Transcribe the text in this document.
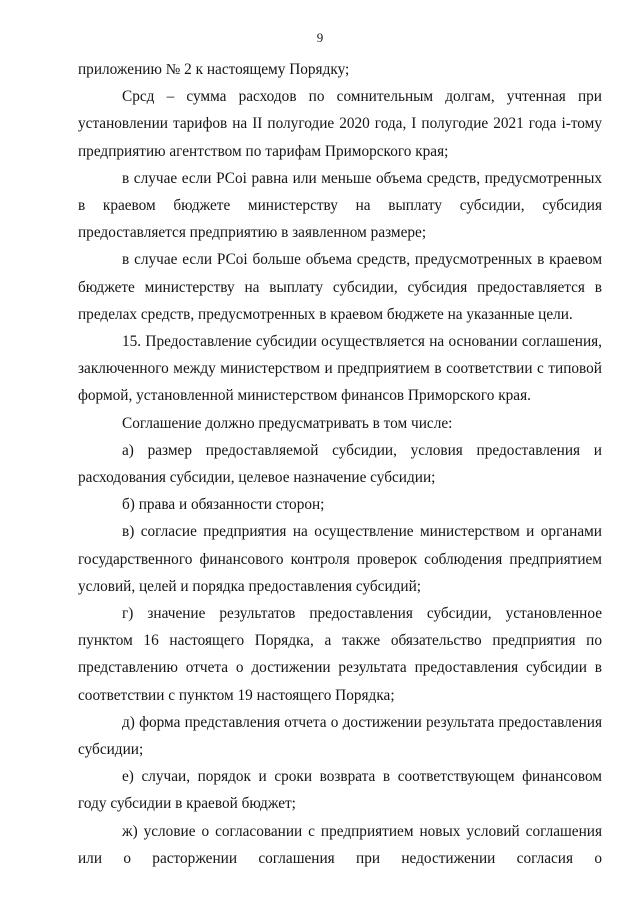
9

приложению № 2 к настоящему Порядку;

Срсд – сумма расходов по сомнительным долгам, учтенная при установлении тарифов на II полугодие 2020 года, I полугодие 2021 года i-тому предприятию агентством по тарифам Приморского края;

в случае если РСоi равна или меньше объема средств, предусмотренных в краевом бюджете министерству на выплату субсидии, субсидия предоставляется предприятию в заявленном размере;

в случае если РСоi больше объема средств, предусмотренных в краевом бюджете министерству на выплату субсидии, субсидия предоставляется в пределах средств, предусмотренных в краевом бюджете на указанные цели.

15. Предоставление субсидии осуществляется на основании соглашения, заключенного между министерством и предприятием в соответствии с типовой формой, установленной министерством финансов Приморского края.

Соглашение должно предусматривать в том числе:

а) размер предоставляемой субсидии, условия предоставления и расходования субсидии, целевое назначение субсидии;

б) права и обязанности сторон;

в) согласие предприятия на осуществление министерством и органами государственного финансового контроля проверок соблюдения предприятием условий, целей и порядка предоставления субсидий;

г) значение результатов предоставления субсидии, установленное пунктом 16 настоящего Порядка, а также обязательство предприятия по представлению отчета о достижении результата предоставления субсидии в соответствии с пунктом 19 настоящего Порядка;

д) форма представления отчета о достижении результата предоставления субсидии;

е) случаи, порядок и сроки возврата в соответствующем финансовом году субсидии в краевой бюджет;

ж) условие о согласовании с предприятием новых условий соглашения или о расторжении соглашения при недостижении согласия о
